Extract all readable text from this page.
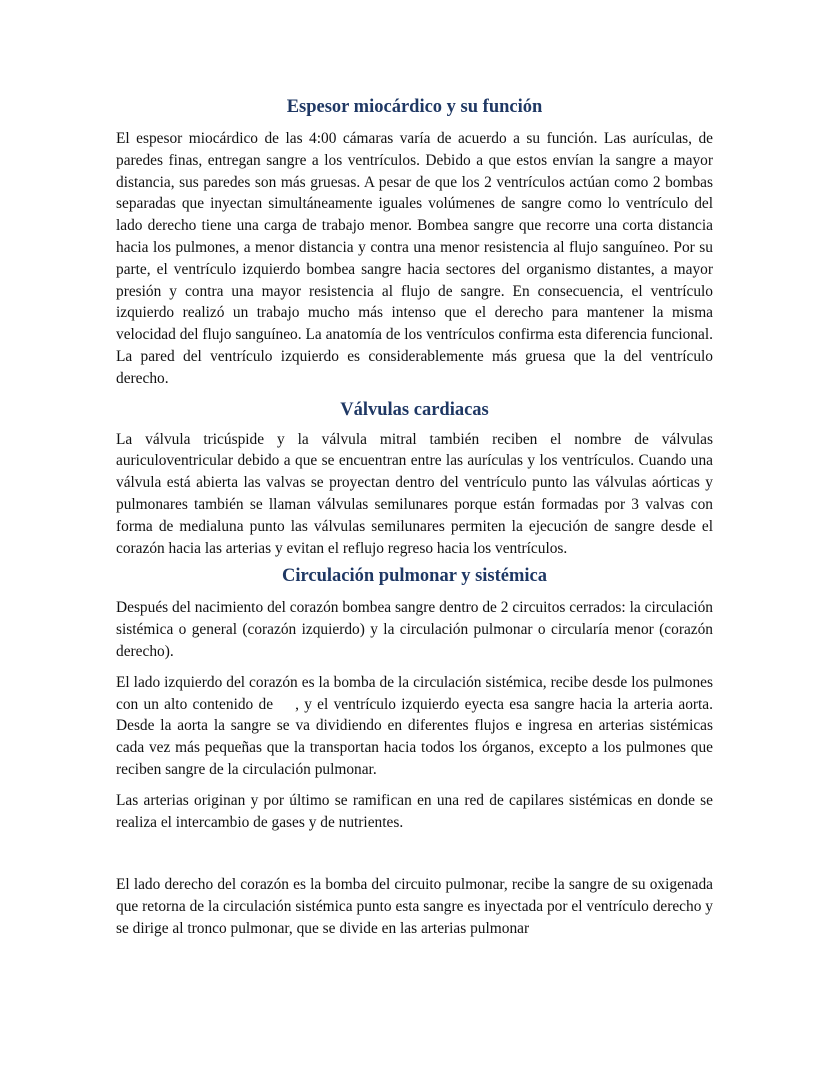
Espesor miocárdico y su función

El espesor miocárdico de las 4:00 cámaras varía de acuerdo a su función. Las aurículas, de paredes finas, entregan sangre a los ventrículos. Debido a que estos envían la sangre a mayor distancia, sus paredes son más gruesas. A pesar de que los 2 ventrículos actúan como 2 bombas separadas que inyectan simultáneamente iguales volúmenes de sangre como lo ventrículo del lado derecho tiene una carga de trabajo menor. Bombea sangre que recorre una corta distancia hacia los pulmones, a menor distancia y contra una menor resistencia al flujo sanguíneo. Por su parte, el ventrículo izquierdo bombea sangre hacia sectores del organismo distantes, a mayor presión y contra una mayor resistencia al flujo de sangre. En consecuencia, el ventrículo izquierdo realizó un trabajo mucho más intenso que el derecho para mantener la misma velocidad del flujo sanguíneo. La anatomía de los ventrículos confirma esta diferencia funcional. La pared del ventrículo izquierdo es considerablemente más gruesa que la del ventrículo derecho.

Válvulas cardiacas

La válvula tricúspide y la válvula mitral también reciben el nombre de válvulas auriculoventricular debido a que se encuentran entre las aurículas y los ventrículos. Cuando una válvula está abierta las valvas se proyectan dentro del ventrículo punto las válvulas aórticas y pulmonares también se llaman válvulas semilunares porque están formadas por 3 valvas con forma de medialuna punto las válvulas semilunares permiten la ejecución de sangre desde el corazón hacia las arterias y evitan el reflujo regreso hacia los ventrículos.

Circulación pulmonar y sistémica

Después del nacimiento del corazón bombea sangre dentro de 2 circuitos cerrados: la circulación sistémica o general (corazón izquierdo) y la circulación pulmonar o circularía menor (corazón derecho).

El lado izquierdo del corazón es la bomba de la circulación sistémica, recibe desde los pulmones con un alto contenido de , y el ventrículo izquierdo eyecta esa sangre hacia la arteria aorta. Desde la aorta la sangre se va dividiendo en diferentes flujos e ingresa en arterias sistémicas cada vez más pequeñas que la transportan hacia todos los órganos, excepto a los pulmones que reciben sangre de la circulación pulmonar.

Las arterias originan y por último se ramifican en una red de capilares sistémicas en donde se realiza el intercambio de gases y de nutrientes.

El lado derecho del corazón es la bomba del circuito pulmonar, recibe la sangre de su oxigenada que retorna de la circulación sistémica punto esta sangre es inyectada por el ventrículo derecho y se dirige al tronco pulmonar, que se divide en las arterias pulmonar
